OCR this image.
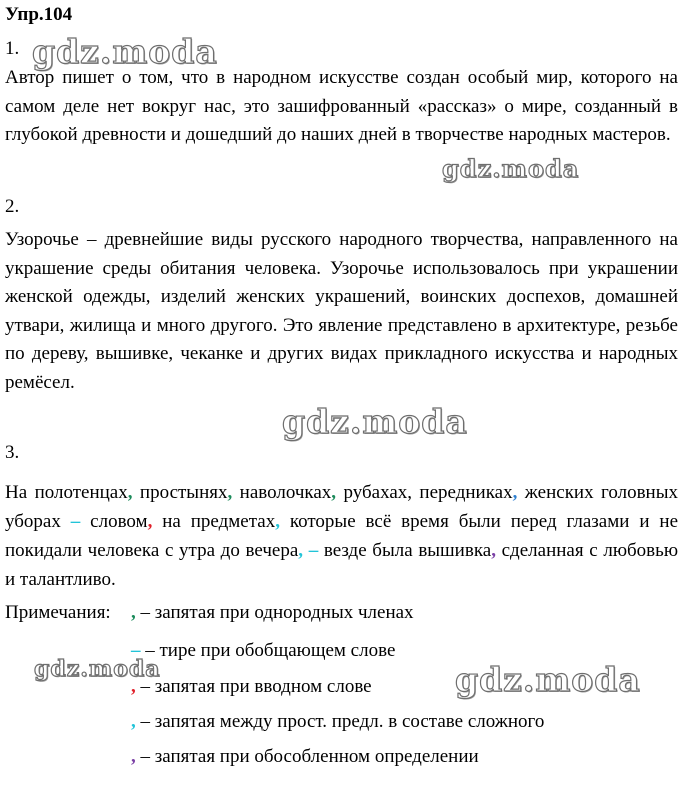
gdz.moda
gdz.moda
gdz.moda
gdz.moda	gdz.moda
Упр.104
1.
Автор пишет о том, что в народном искусстве создан особый мир, которого на самом деле нет вокруг нас, это зашифрованный «рассказ» о мире, созданный в глубокой древности и дошедший до наших дней в творчестве народных мастеров.
2.
Узорочье – древнейшие виды русского народного творчества, направленного на украшение среды обитания человека. Узорочье использовалось при украшении женской одежды, изделий женских украшений, воинских доспехов, домашней утвари, жилища и много другого. Это явление представлено в архитектуре, резьбе по дереву, вышивке, чеканке и других видах прикладного искусства и народных ремёсел.
3.
На полотенцах, простынях, наволочках, рубахах, передниках, женских головных уборах – словом, на предметах, которые всё время были перед глазами и не покидали человека с утра до вечера, – везде была вышивка, сделанная с любовью и талантливо.
Примечания: , – запятая при однородных членах
– – тире при обобщающем слове
, – запятая при вводном слове
, – запятая между прост. предл. в составе сложного
, – запятая при обособленном определении
